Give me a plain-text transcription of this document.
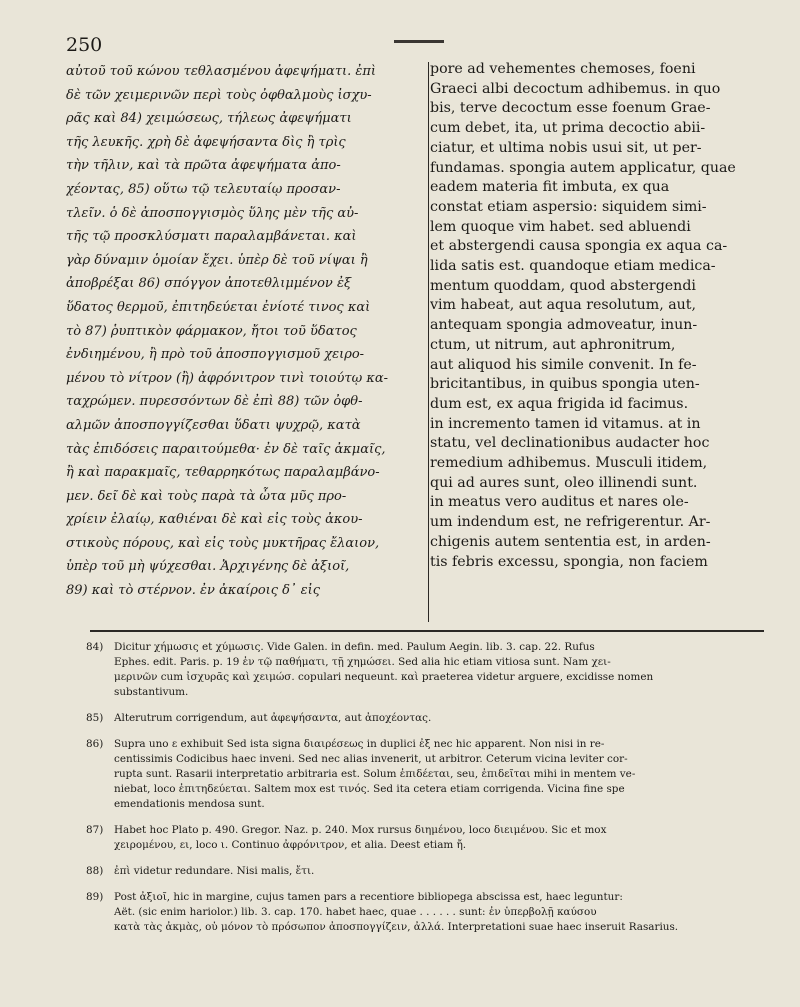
250
αὐτοῦ τοῦ κώνου τεθλασμένου ἀφεψήματι. ἐπὶ
δὲ τῶν χειμερινῶν περὶ τοὺς ὀφθαλμοὺς ἰσχυ-
ρᾶς καὶ 84) χειμώσεως, τήλεως ἀφεψήματι
τῆς λευκῆς. χρὴ δὲ ἀφεψήσαντα δὶς ἢ τρὶς
τὴν τῆλιν, καὶ τὰ πρῶτα ἀφεψήματα ἀπο-
χέοντας, 85) οὕτω τῷ τελευταίῳ προσαν-
τλεῖν. ὁ δὲ ἀποσπογγισμὸς ὕλης μὲν τῆς αὐ-
τῆς τῷ προσκλύσματι παραλαμβάνεται. καὶ
γὰρ δύναμιν ὁμοίαν ἔχει. ὑπὲρ δὲ τοῦ νίψαι ἢ
ἀποβρέξαι 86) σπόγγον ἀποτεθλιμμένον ἐξ
ὕδατος θερμοῦ, ἐπιτηδεύεται ἐνίοτέ τινος καὶ
τὸ 87) ῥυπτικὸν φάρμακον, ἤτοι τοῦ ὕδατος
ἐνδιημένου, ἢ πρὸ τοῦ ἀποσπογγισμοῦ χειρο-
μένου τὸ νίτρον (ἢ) ἀφρόνιτρον τινὶ τοιούτῳ κα-
ταχρώμεν. πυρεσσόντων δὲ ἐπὶ 88) τῶν ὀφθ-
αλμῶν ἀποσπογγίζεσθαι ὕδατι ψυχρῷ, κατὰ
τὰς ἐπιδόσεις παραιτούμεθα· ἐν δὲ ταῖς ἀκμαῖς,
ἢ καὶ παρακμαῖς, τεθαρρηκότως παραλαμβάνο-
μεν. δεῖ δὲ καὶ τοὺς παρὰ τὰ ὦτα μῦς προ-
χρίειν ἐλαίῳ, καθιέναι δὲ καὶ εἰς τοὺς ἀκου-
στικοὺς πόρους, καὶ εἰς τοὺς μυκτῆρας ἔλαιον,
ὑπὲρ τοῦ μὴ ψύχεσθαι. Ἀρχιγένης δὲ ἀξιοῖ,
89) καὶ τὸ στέρνον. ἐν ἀκαίροις δ᾽ εἰς
pore ad vehementes chemoses, foeni
Graeci albi decoctum adhibemus. in quo
bis, terve decoctum esse foenum Grae-
cum debet, ita, ut prima decoctio abii-
ciatur, et ultima nobis usui sit, ut per-
fundamas. spongia autem applicatur, quae
eadem materia fit imbuta, ex qua
constat etiam aspersio: siquidem simi-
lem quoque vim habet. sed abluendi
et abstergendi causa spongia ex aqua ca-
lida satis est. quandoque etiam medica-
mentum quoddam, quod abstergendi
vim habeat, aut aqua resolutum, aut,
antequam spongia admoveatur, inun-
ctum, ut nitrum, aut aphronitrum,
aut aliquod his simile convenit. In fe-
bricitantibus, in quibus spongia uten-
dum est, ex aqua frigida id facimus.
in incremento tamen id vitamus. at in
statu, vel declinationibus audacter hoc
remedium adhibemus. Musculi itidem,
qui ad aures sunt, oleo illinendi sunt.
in meatus vero auditus et nares ole-
um indendum est, ne refrigerentur. Ar-
chigenis autem sententia est, in arden-
tis febris excessu, spongia, non faciem
84)	Dicitur χήμωσις et χύμωσις. Vide Galen. in defin. med. Paulum Aegin. lib. 3. cap. 22. Rufus
Ephes. edit. Paris. p. 19 ἐν τῷ παθήματι, τῇ χημώσει. Sed alia hic etiam vitiosa sunt. Nam χει-
μερινῶν cum ἰσχυρᾶς καὶ χειμώσ. copulari nequeunt. καὶ praeterea videtur arguere, excidisse nomen
substantivum.
85)	Alterutrum corrigendum, aut ἀφεψήσαντα, aut ἀποχέοντας.
86)	Supra uno ε exhibuit Sed ista signa διαιρέσεως in duplici ἐξ nec hic apparent. Non nisi in re-
centissimis Codicibus haec inveni. Sed nec alias invenerit, ut arbitror. Ceterum vicina leviter cor-
rupta sunt. Rasarii interpretatio arbitraria est. Solum ἐπιδέεται, seu, ἐπιδεῖται mihi in mentem ve-
niebat, loco ἐπιτηδεύεται. Saltem mox est τινός. Sed ita cetera etiam corrigenda. Vicina fine spe
emendationis mendosa sunt.
87)	Habet hoc Plato p. 490. Gregor. Naz. p. 240. Mox rursus διημένου, loco διειμένου. Sic et mox
χειρομένου, ει, loco ι. Continuo ἀφρόνιτρον, et alia. Deest etiam ἤ.
88)	ἐπὶ videtur redundare. Nisi malis, ἔτι.
89)	Post ἀξιοῖ, hic in margine, cujus tamen pars a recentiore bibliopega abscissa est, haec leguntur:
Aët. (sic enim hariolor.) lib. 3. cap. 170. habet haec, quae . . . . . . sunt: ἐν ὑπερβολῇ καύσου
κατὰ τὰς ἀκμὰς, οὐ μόνον τὸ πρόσωπον ἀποσπογγίζειν, ἀλλά. Interpretationi suae haec inseruit Rasarius.
